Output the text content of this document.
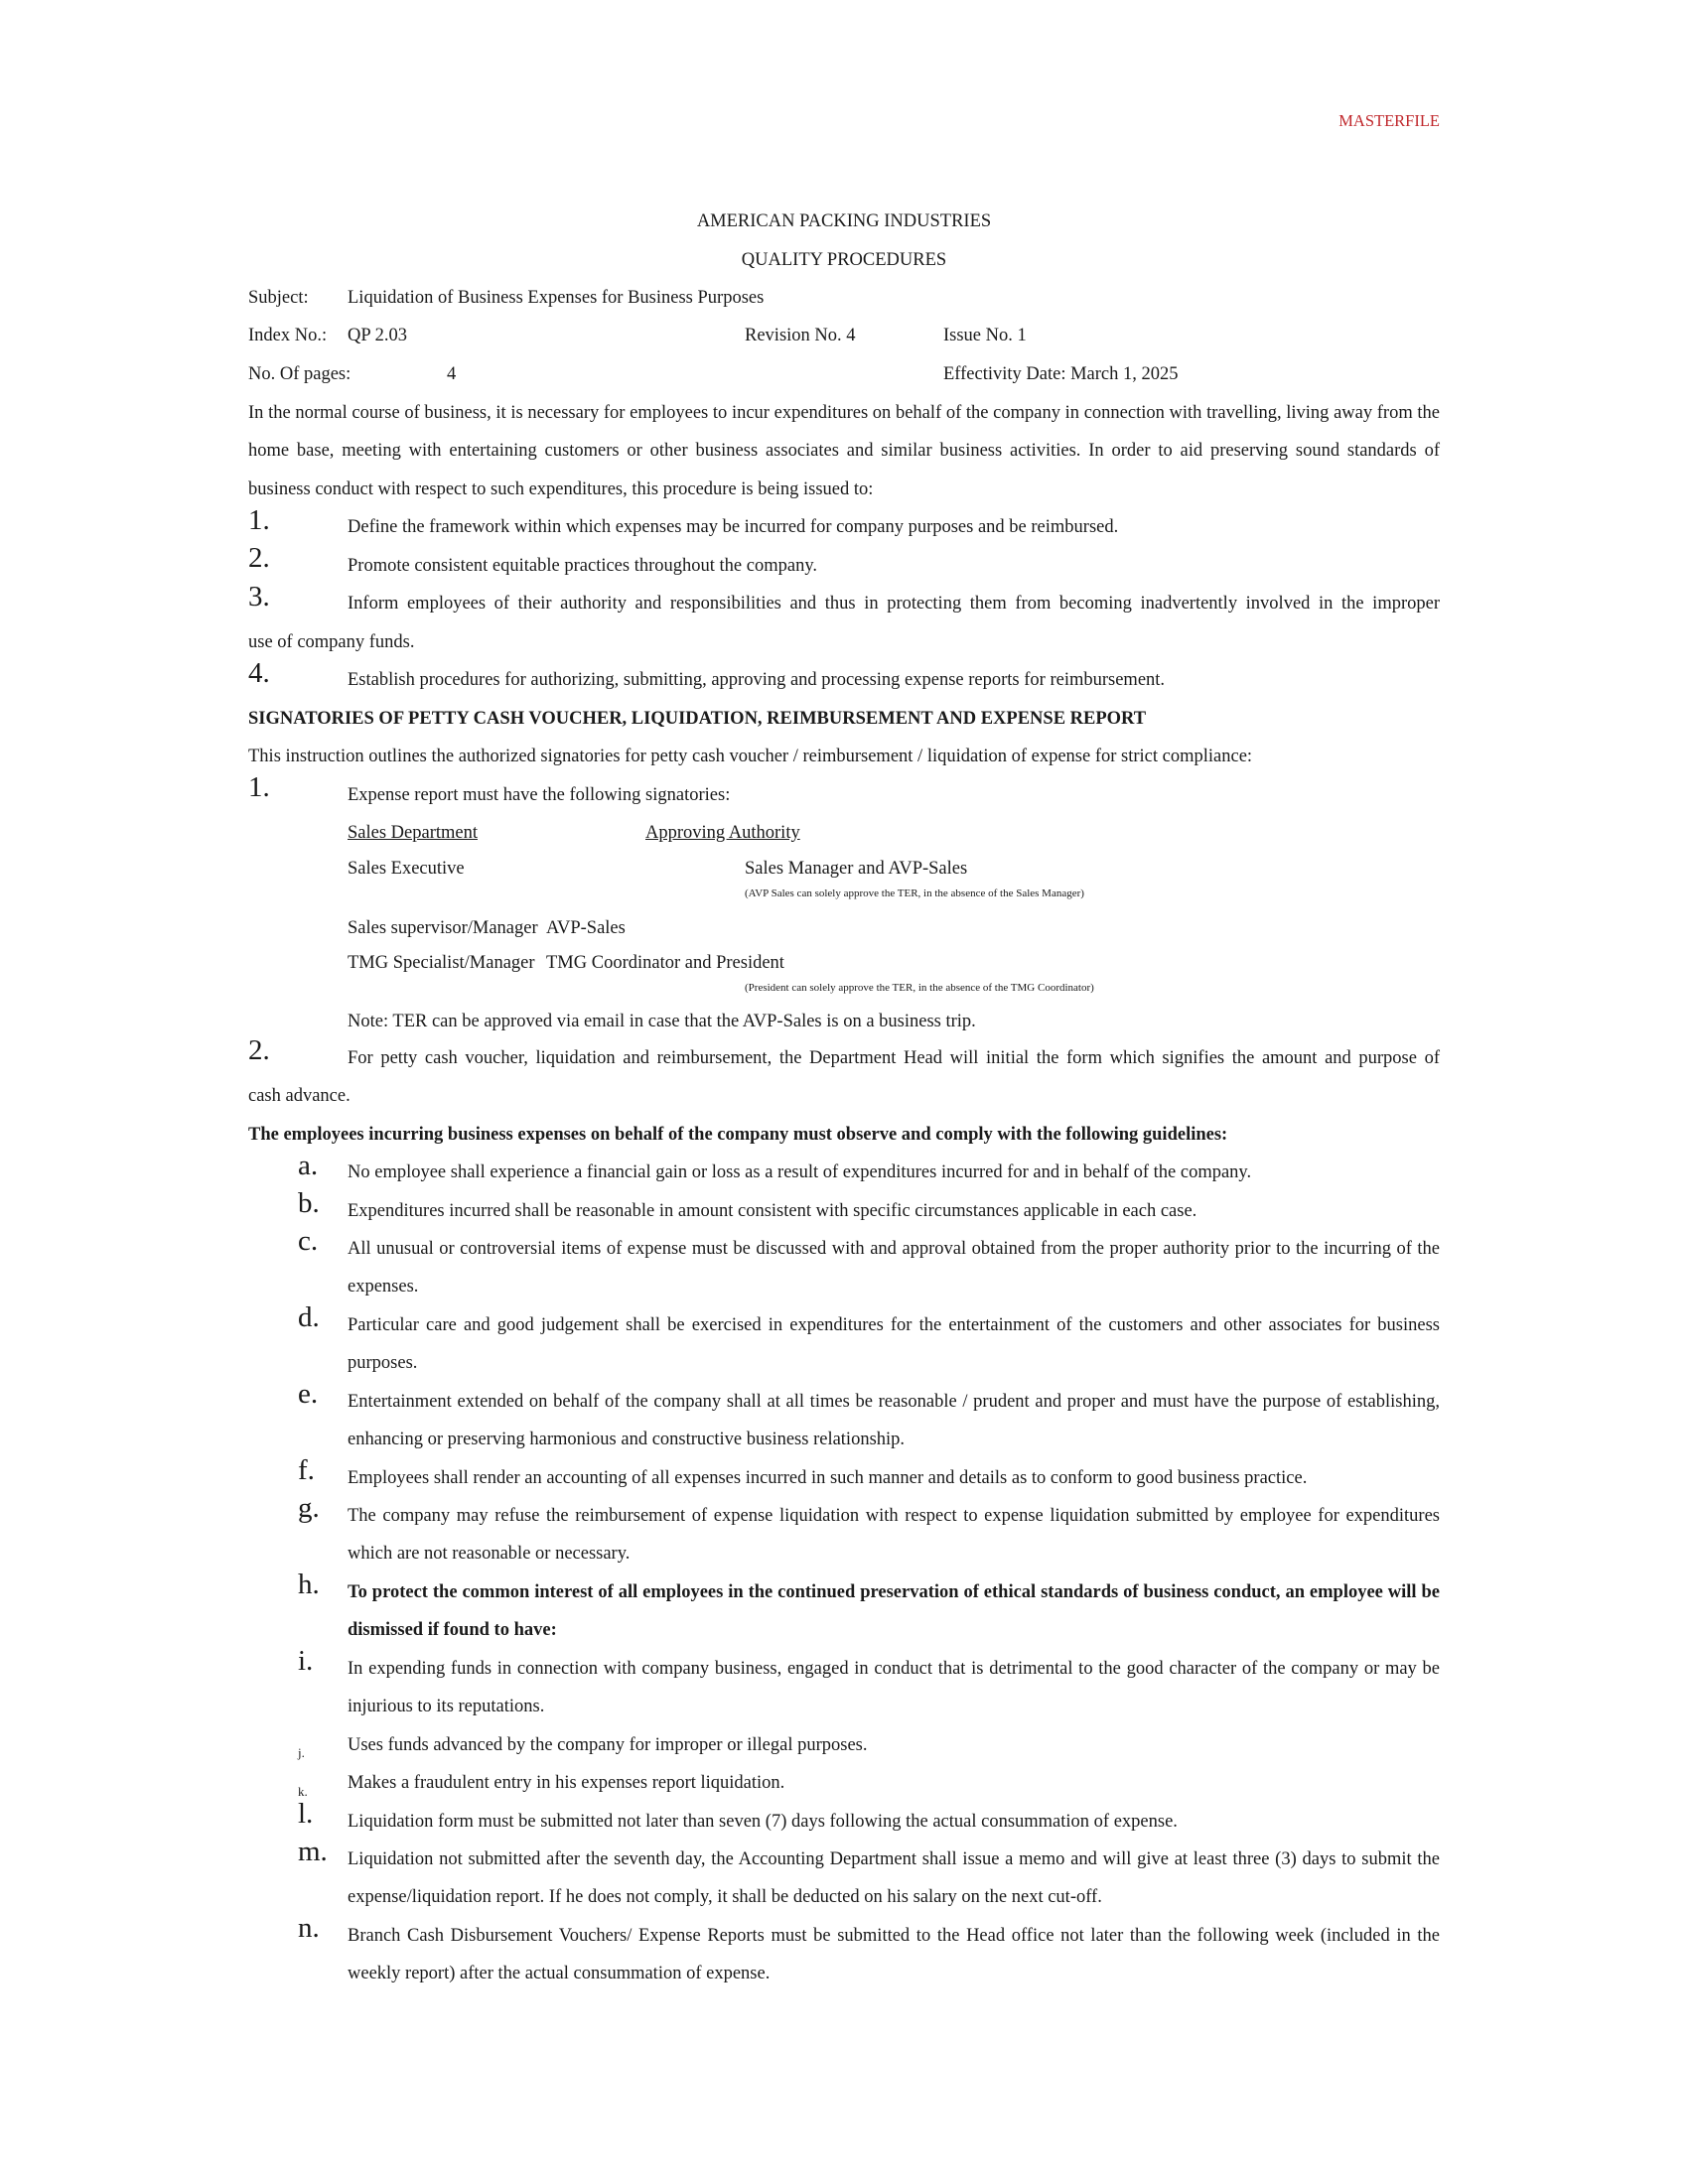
MASTERFILE
AMERICAN PACKING INDUSTRIES
QUALITY PROCEDURES
Subject: Liquidation of Business Expenses for Business Purposes
Index No.: QP 2.03	Revision No. 4	Issue No. 1
No. Of pages:	4	Effectivity Date: March 1, 2025
In the normal course of business, it is necessary for employees to incur expenditures on behalf of the company in connection with travelling, living away from the home base, meeting with entertaining customers or other business associates and similar business activities. In order to aid preserving sound standards of business conduct with respect to such expenditures, this procedure is being issued to:
1.	Define the framework within which expenses may be incurred for company purposes and be reimbursed.
2.	Promote consistent equitable practices throughout the company.
3.	Inform employees of their authority and responsibilities and thus in protecting them from becoming inadvertently involved in the improper
use of company funds.
4.	Establish procedures for authorizing, submitting, approving and processing expense reports for reimbursement.
SIGNATORIES OF PETTY CASH VOUCHER, LIQUIDATION, REIMBURSEMENT AND EXPENSE REPORT
This instruction outlines the authorized signatories for petty cash voucher / reimbursement / liquidation of expense for strict compliance:
1.	Expense report must have the following signatories:
Sales Department	Approving Authority
Sales Executive	Sales Manager and AVP-Sales
(AVP Sales can solely approve the TER, in the absence of the Sales Manager)
Sales supervisor/Manager AVP-Sales
TMG Specialist/Manager TMG Coordinator and President
(President can solely approve the TER, in the absence of the TMG Coordinator)
Note: TER can be approved via email in case that the AVP-Sales is on a business trip.
2.	For petty cash voucher, liquidation and reimbursement, the Department Head will initial the form which signifies the amount and purpose of
cash advance.
The employees incurring business expenses on behalf of the company must observe and comply with the following guidelines:
a. No employee shall experience a financial gain or loss as a result of expenditures incurred for and in behalf of the company.
b. Expenditures incurred shall be reasonable in amount consistent with specific circumstances applicable in each case.
c. All unusual or controversial items of expense must be discussed with and approval obtained from the proper authority prior to the incurring of the expenses.
d. Particular care and good judgement shall be exercised in expenditures for the entertainment of the customers and other associates for business purposes.
e. Entertainment extended on behalf of the company shall at all times be reasonable / prudent and proper and must have the purpose of establishing, enhancing or preserving harmonious and constructive business relationship.
f. Employees shall render an accounting of all expenses incurred in such manner and details as to conform to good business practice.
g. The company may refuse the reimbursement of expense liquidation with respect to expense liquidation submitted by employee for expenditures which are not reasonable or necessary.
h. To protect the common interest of all employees in the continued preservation of ethical standards of business conduct, an employee will be dismissed if found to have:
i. In expending funds in connection with company business, engaged in conduct that is detrimental to the good character of the company or may be injurious to its reputations.
j. Uses funds advanced by the company for improper or illegal purposes.
k. Makes a fraudulent entry in his expenses report liquidation.
l. Liquidation form must be submitted not later than seven (7) days following the actual consummation of expense.
m. Liquidation not submitted after the seventh day, the Accounting Department shall issue a memo and will give at least three (3) days to submit the expense/liquidation report. If he does not comply, it shall be deducted on his salary on the next cut-off.
n. Branch Cash Disbursement Vouchers/ Expense Reports must be submitted to the Head office not later than the following week (included in the weekly report) after the actual consummation of expense.
